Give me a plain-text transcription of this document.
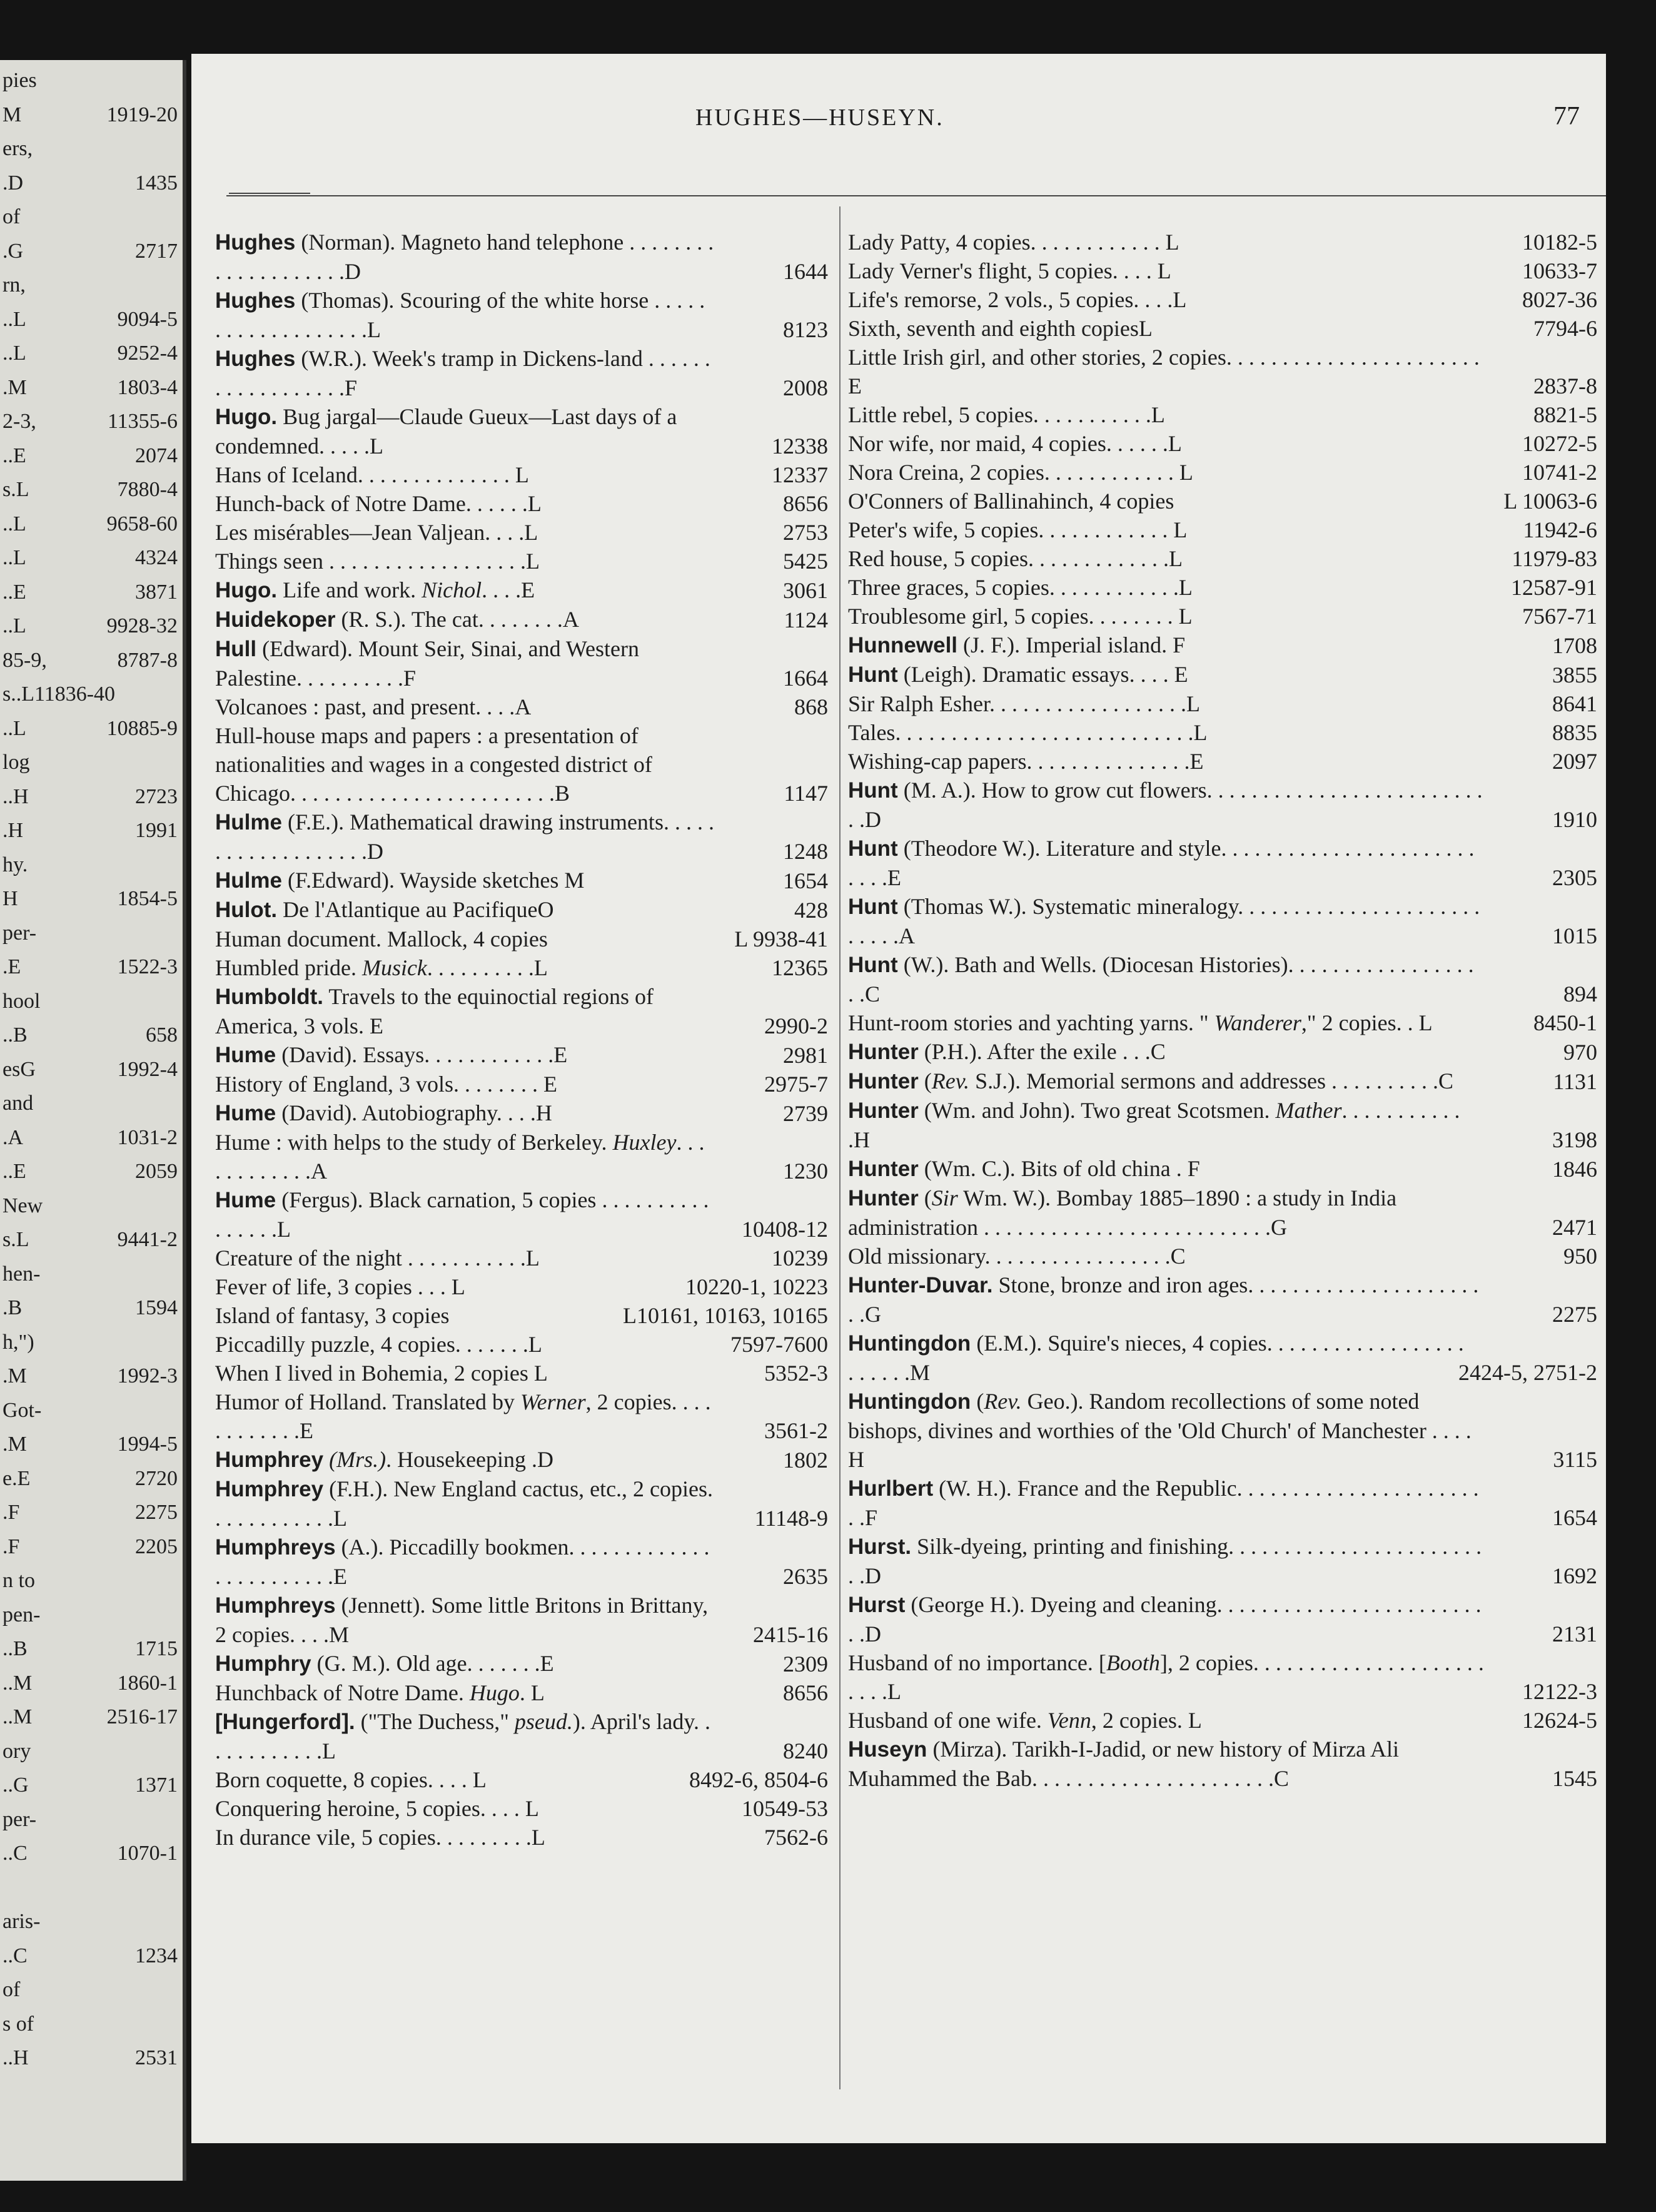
pies
M	1919-20
ers,
.D	1435
of
.G	2717
rn,
..L	9094-5
..L	9252-4
.M	1803-4
2-3,	11355-6
..E	2074
s.L	7880-4
..L	9658-60
..L	4324
..E	3871
..L	9928-32
85-9,	8787-8
s..L11836-40
..L	10885-9
log
..H	2723
.H	1991
hy.
H	1854-5
per-
.E	1522-3
hool
..B	658
esG	1992-4
and
.A	1031-2
..E	2059
New
s.L	9441-2
hen-
.B	1594
h,")
.M	1992-3
Got-
.M	1994-5
e.E	2720
.F	2275
.F	2205
n to
pen-
..B	1715
..M	1860-1
..M	2516-17
ory
..G	1371
per-
..C	1070-1
aris-
..C	1234
of
s of
..H	2531
HUGHES—HUSEYN.	77
Hughes (Norman). Magneto hand telephone . . . . . . . . . . . . . . . . . . . .D	1644
Hughes (Thomas). Scouring of the white horse . . . . . . . . . . . . . . . . . . .L	8123
Hughes (W.R.). Week's tramp in Dickens-land . . . . . . . . . . . . . . . . . .F	2008
Hugo. Bug jargal—Claude Gueux—Last days of a condemned. . . . .L	12338
Hans of Iceland. . . . . . . . . . . . . . L	12337
Hunch-back of Notre Dame. . . . . .L	8656
Les misérables—Jean Valjean. . . .L	2753
Things seen . . . . . . . . . . . . . . . . . .L	5425
Hugo. Life and work. Nichol. . . .E	3061
Huidekoper (R. S.). The cat. . . . . . . .A	1124
Hull (Edward). Mount Seir, Sinai, and Western Palestine. . . . . . . . . .F	1664
Volcanoes : past, and present. . . .A	868
Hull-house maps and papers : a presentation of nationalities and wages in a congested district of Chicago. . . . . . . . . . . . . . . . . . . . . . . .B	1147
Hulme (F.E.). Mathematical drawing instruments. . . . . . . . . . . . . . . . . . .D	1248
Hulme (F.Edward). Wayside sketches M	1654
Hulot. De l'Atlantique au PacifiqueO	428
Human document. Mallock, 4 copies	L 9938-41
Humbled pride. Musick. . . . . . . . . .L	12365
Humboldt. Travels to the equinoctial regions of America, 3 vols. E	2990-2
Hume (David). Essays. . . . . . . . . . . .E	2981
History of England, 3 vols. . . . . . . . E	2975-7
Hume (David). Autobiography. . . .H	2739
Hume : with helps to the study of Berkeley. Huxley. . . . . . . . . . . .A	1230
Hume (Fergus). Black carnation, 5 copies . . . . . . . . . . . . . . . .L	10408-12
Creature of the night . . . . . . . . . . .L	10239
Fever of life, 3 copies . . . L	10220-1, 10223
Island of fantasy, 3 copies	L10161, 10163, 10165
Piccadilly puzzle, 4 copies. . . . . . .L	7597-7600
When I lived in Bohemia, 2 copies L	5352-3
Humor of Holland. Translated by Werner, 2 copies. . . . . . . . . . . .E	3561-2
Humphrey (Mrs.). Housekeeping .D	1802
Humphrey (F.H.). New England cactus, etc., 2 copies. . . . . . . . . . . .L	11148-9
Humphreys (A.). Piccadilly bookmen. . . . . . . . . . . . . . . . . . . . . . . .E	2635
Humphreys (Jennett). Some little Britons in Brittany, 2 copies. . . .M	2415-16
Humphry (G. M.). Old age. . . . . . .E	2309
Hunchback of Notre Dame. Hugo. L	8656
[Hungerford]. ("The Duchess," pseud.). April's lady. . . . . . . . . . . .L	8240
Born coquette, 8 copies. . . . L	8492-6, 8504-6
Conquering heroine, 5 copies. . . . L	10549-53
In durance vile, 5 copies. . . . . . . . .L	7562-6
Lady Patty, 4 copies. . . . . . . . . . . . L	10182-5
Lady Verner's flight, 5 copies. . . . L	10633-7
Life's remorse, 2 vols., 5 copies. . . .L	8027-36
Sixth, seventh and eighth copiesL	7794-6
Little Irish girl, and other stories, 2 copies. . . . . . . . . . . . . . . . . . . . . . . E	2837-8
Little rebel, 5 copies. . . . . . . . . . .L	8821-5
Nor wife, nor maid, 4 copies. . . . . .L	10272-5
Nora Creina, 2 copies. . . . . . . . . . . . L	10741-2
O'Conners of Ballinahinch, 4 copies	L 10063-6
Peter's wife, 5 copies. . . . . . . . . . . . L	11942-6
Red house, 5 copies. . . . . . . . . . . . .L	11979-83
Three graces, 5 copies. . . . . . . . . . . .L	12587-91
Troublesome girl, 5 copies. . . . . . . . L	7567-71
Hunnewell (J. F.). Imperial island. F	1708
Hunt (Leigh). Dramatic essays. . . . E	3855
Sir Ralph Esher. . . . . . . . . . . . . . . . . .L	8641
Tales. . . . . . . . . . . . . . . . . . . . . . . . . . .L	8835
Wishing-cap papers. . . . . . . . . . . . . . .E	2097
Hunt (M. A.). How to grow cut flowers. . . . . . . . . . . . . . . . . . . . . . . . . . .D	1910
Hunt (Theodore W.). Literature and style. . . . . . . . . . . . . . . . . . . . . . . . . . .E	2305
Hunt (Thomas W.). Systematic mineralogy. . . . . . . . . . . . . . . . . . . . . . . . . . .A	1015
Hunt (W.). Bath and Wells. (Diocesan Histories). . . . . . . . . . . . . . . . . . .C	894
Hunt-room stories and yachting yarns. " Wanderer," 2 copies. . L	8450-1
Hunter (P.H.). After the exile . . .C	970
Hunter (Rev. S.J.). Memorial sermons and addresses . . . . . . . . . .C	1131
Hunter (Wm. and John). Two great Scotsmen. Mather. . . . . . . . . . . .H	3198
Hunter (Wm. C.). Bits of old china . F	1846
Hunter (Sir Wm. W.). Bombay 1885–1890 : a study in India administration . . . . . . . . . . . . . . . . . . . . . . . . . .G	2471
Old missionary. . . . . . . . . . . . . . . . .C	950
Hunter-Duvar. Stone, bronze and iron ages. . . . . . . . . . . . . . . . . . . . . . .G	2275
Huntingdon (E.M.). Squire's nieces, 4 copies. . . . . . . . . . . . . . . . . . . . . . . .M	2424-5, 2751-2
Huntingdon (Rev. Geo.). Random recollections of some noted bishops, divines and worthies of the 'Old Church' of Manchester . . . . H	3115
Hurlbert (W. H.). France and the Republic. . . . . . . . . . . . . . . . . . . . . . . .F	1654
Hurst. Silk-dyeing, printing and finishing. . . . . . . . . . . . . . . . . . . . . . . . .D	1692
Hurst (George H.). Dyeing and cleaning. . . . . . . . . . . . . . . . . . . . . . . . . .D	2131
Husband of no importance. [Booth], 2 copies. . . . . . . . . . . . . . . . . . . . . . . . .L	12122-3
Husband of one wife. Venn, 2 copies. L	12624-5
Huseyn (Mirza). Tarikh-I-Jadid, or new history of Mirza Ali Muhammed the Bab. . . . . . . . . . . . . . . . . . . . . .C	1545
